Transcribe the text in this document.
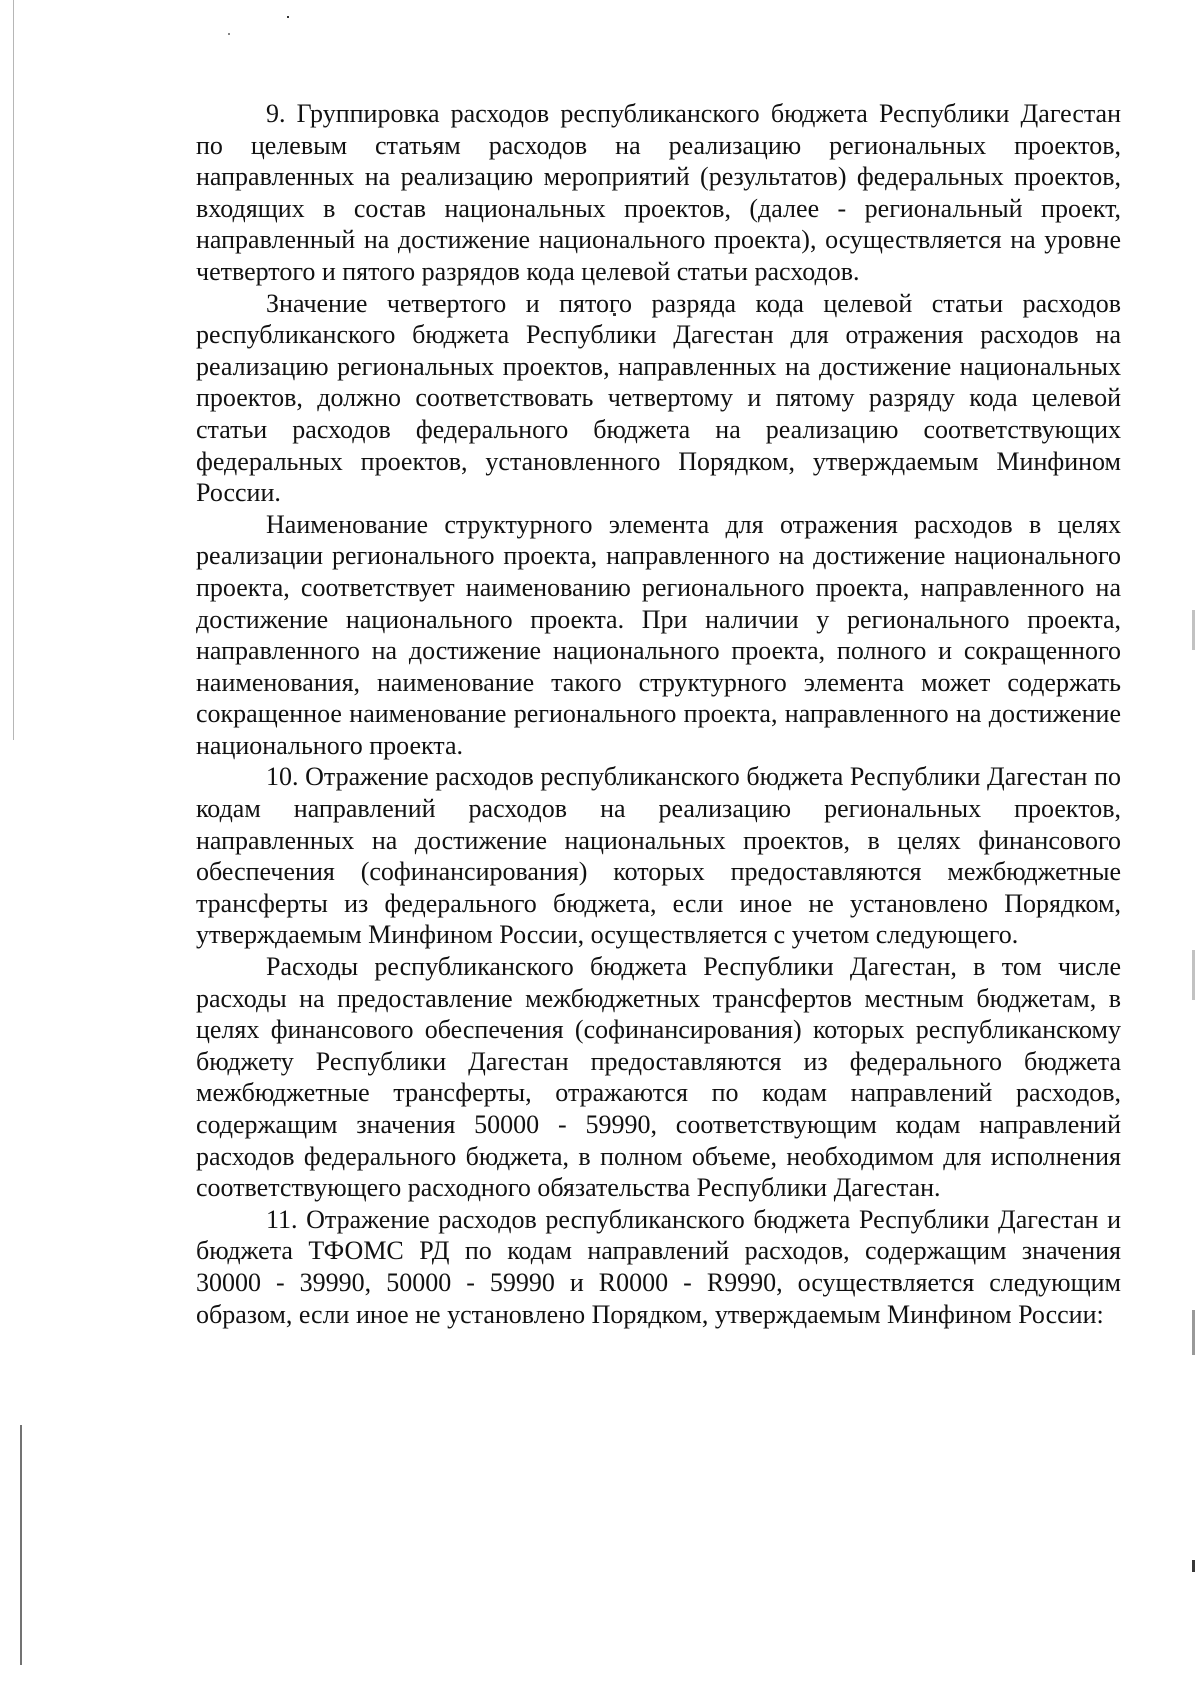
9. Группировка расходов республиканского бюджета Республики Дагестан по целевым статьям расходов на реализацию региональных проектов, направленных на реализацию мероприятий (результатов) федеральных проектов, входящих в состав национальных проектов, (далее - региональный проект, направленный на достижение национального проекта), осуществляется на уровне четвертого и пятого разрядов кода целевой статьи расходов.

Значение четвертого и пятого разряда кода целевой статьи расходов республиканского бюджета Республики Дагестан для отражения расходов на реализацию региональных проектов, направленных на достижение национальных проектов, должно соответствовать четвертому и пятому разряду кода целевой статьи расходов федерального бюджета на реализацию соответствующих федеральных проектов, установленного Порядком, утверждаемым Минфином России.

Наименование структурного элемента для отражения расходов в целях реализации регионального проекта, направленного на достижение национального проекта, соответствует наименованию регионального проекта, направленного на достижение национального проекта. При наличии у регионального проекта, направленного на достижение национального проекта, полного и сокращенного наименования, наименование такого структурного элемента может содержать сокращенное наименование регионального проекта, направленного на достижение национального проекта.

10. Отражение расходов республиканского бюджета Республики Дагестан по кодам направлений расходов на реализацию региональных проектов, направленных на достижение национальных проектов, в целях финансового обеспечения (софинансирования) которых предоставляются межбюджетные трансферты из федерального бюджета, если иное не установлено Порядком, утверждаемым Минфином России, осуществляется с учетом следующего.

Расходы республиканского бюджета Республики Дагестан, в том числе расходы на предоставление межбюджетных трансфертов местным бюджетам, в целях финансового обеспечения (софинансирования) которых республиканскому бюджету Республики Дагестан предоставляются из федерального бюджета межбюджетные трансферты, отражаются по кодам направлений расходов, содержащим значения 50000 - 59990, соответствующим кодам направлений расходов федерального бюджета, в полном объеме, необходимом для исполнения соответствующего расходного обязательства Республики Дагестан.

11. Отражение расходов республиканского бюджета Республики Дагестан и бюджета ТФОМС РД по кодам направлений расходов, содержащим значения 30000 - 39990, 50000 - 59990 и R0000 - R9990, осуществляется следующим образом, если иное не установлено Порядком, утверждаемым Минфином России:
